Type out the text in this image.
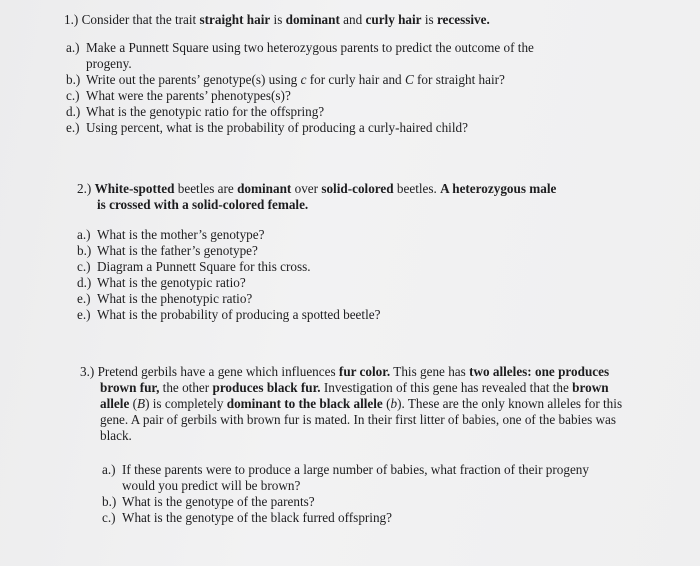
1.) Consider that the trait straight hair is dominant and curly hair is recessive.

a.) Make a Punnett Square using two heterozygous parents to predict the outcome of the
progeny.
b.) Write out the parents’ genotype(s) using c for curly hair and C for straight hair?
c.) What were the parents’ phenotypes(s)?
d.) What is the genotypic ratio for the offspring?
e.) Using percent, what is the probability of producing a curly-haired child?

2.) White-spotted beetles are dominant over solid-colored beetles. A heterozygous male

is crossed with a solid-colored female.

a.) What is the mother’s genotype?
b.) What is the father’s genotype?
c.) Diagram a Punnett Square for this cross.
d.) What is the genotypic ratio?
e.) What is the phenotypic ratio?
e.) What is the probability of producing a spotted beetle?

3.) Pretend gerbils have a gene which influences fur color. This gene has two alleles: one produces brown fur, the other produces black fur. Investigation of this gene has revealed that the brown allele (B) is completely dominant to the black allele (b). These are the only known alleles for this gene. A pair of gerbils with brown fur is mated. In their first litter of babies, one of the babies was black.

a.) If these parents were to produce a large number of babies, what fraction of their progeny
would you predict will be brown?
b.) What is the genotype of the parents?
c.) What is the genotype of the black furred offspring?
